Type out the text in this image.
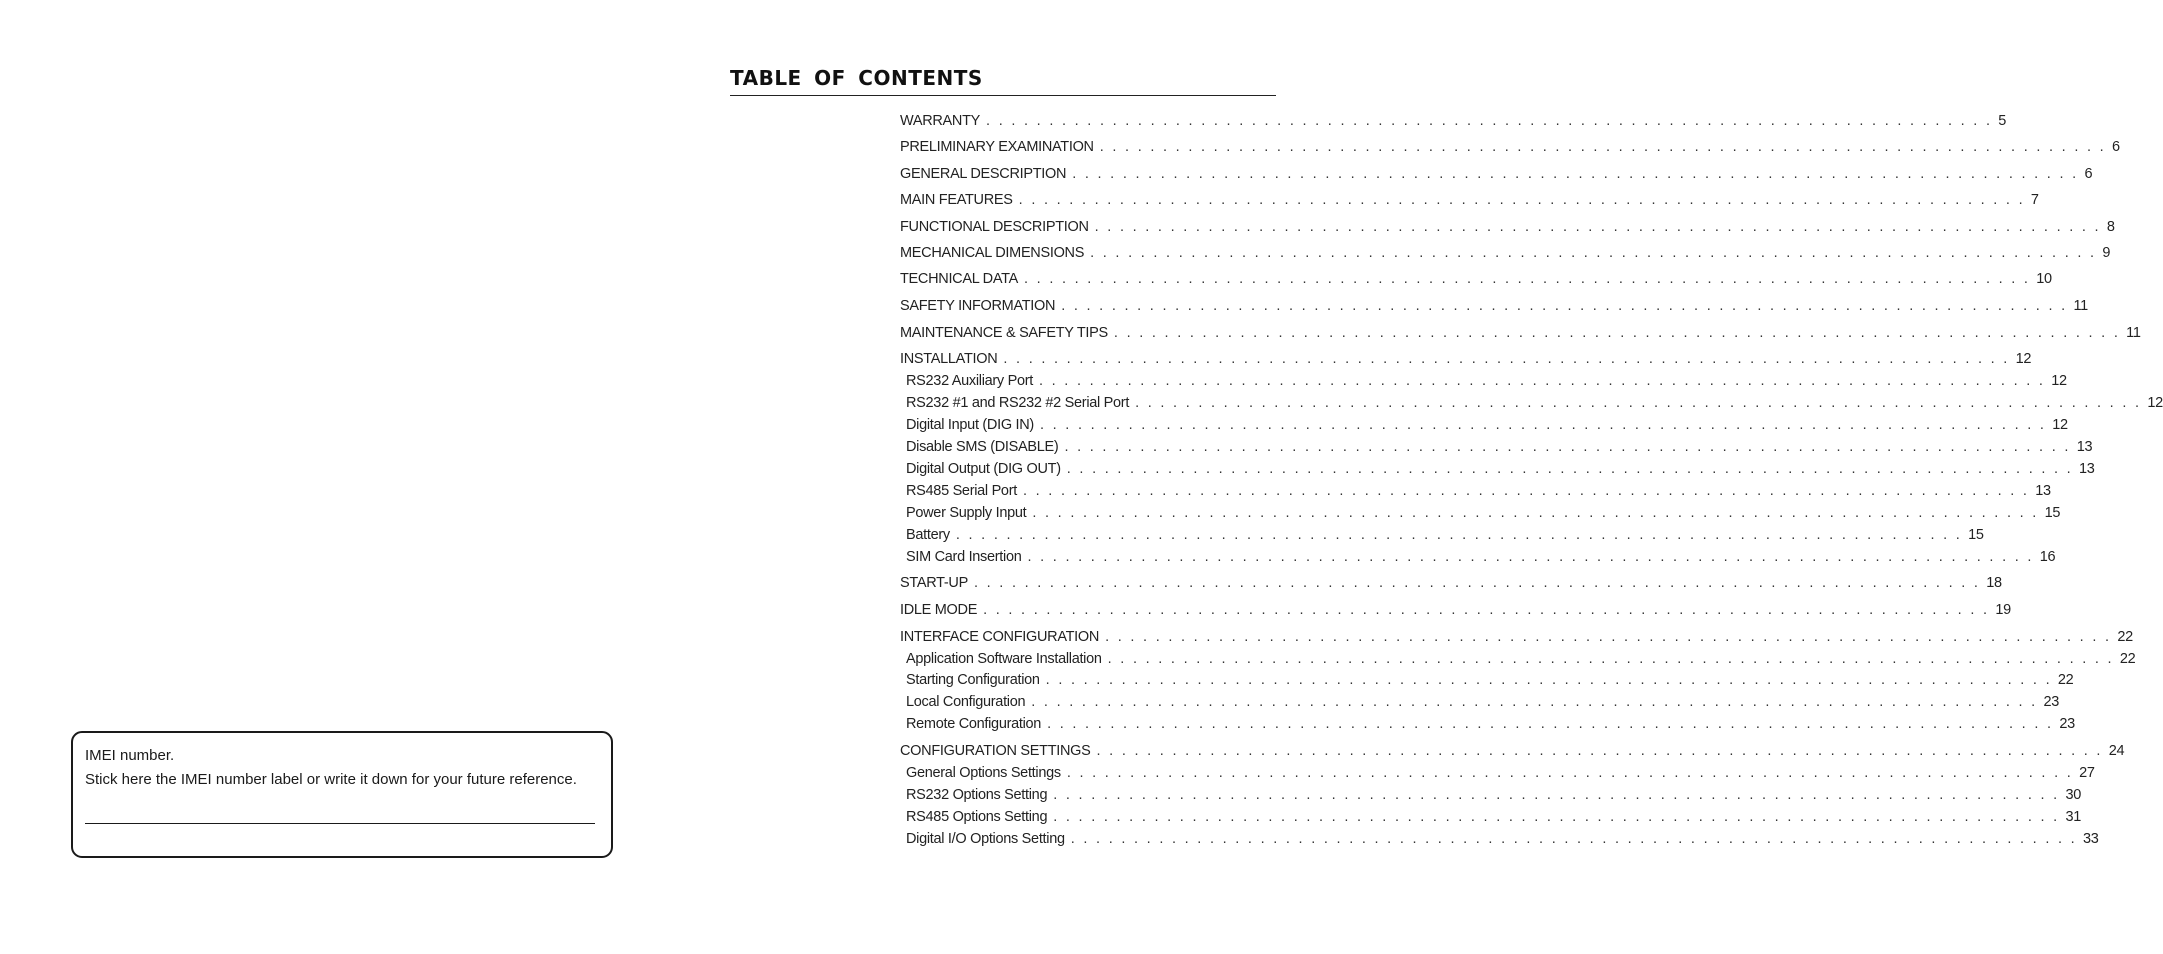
IMEI number.
Stick here the IMEI number label or write it down for your future reference.
TABLE OF CONTENTS
WARRANTY . . . . . . . . . . . . . . . . . . . . . . . . . . . . . . . . . . . . . . . . . . . . . . . . . . . . . . . . . . . . . . . . . . . . . . . . . . . . . . . . 5
PRELIMINARY EXAMINATION . . . . . . . . . . . . . . . . . . . . . . . . . . . . . . . . . . . . . . . . . . . . . . . . . . . . . . . . . . . . . . . . . . . . . . . . . . . . . . . . 6
GENERAL DESCRIPTION . . . . . . . . . . . . . . . . . . . . . . . . . . . . . . . . . . . . . . . . . . . . . . . . . . . . . . . . . . . . . . . . . . . . . . . . . . . . . . . . 6
MAIN FEATURES . . . . . . . . . . . . . . . . . . . . . . . . . . . . . . . . . . . . . . . . . . . . . . . . . . . . . . . . . . . . . . . . . . . . . . . . . . . . . . . . 7
FUNCTIONAL DESCRIPTION . . . . . . . . . . . . . . . . . . . . . . . . . . . . . . . . . . . . . . . . . . . . . . . . . . . . . . . . . . . . . . . . . . . . . . . . . . . . . . . . 8
MECHANICAL DIMENSIONS . . . . . . . . . . . . . . . . . . . . . . . . . . . . . . . . . . . . . . . . . . . . . . . . . . . . . . . . . . . . . . . . . . . . . . . . . . . . . . . . 9
TECHNICAL DATA . . . . . . . . . . . . . . . . . . . . . . . . . . . . . . . . . . . . . . . . . . . . . . . . . . . . . . . . . . . . . . . . . . . . . . . . . . . . . . . . 10
SAFETY INFORMATION . . . . . . . . . . . . . . . . . . . . . . . . . . . . . . . . . . . . . . . . . . . . . . . . . . . . . . . . . . . . . . . . . . . . . . . . . . . . . . . . 11
MAINTENANCE & SAFETY TIPS . . . . . . . . . . . . . . . . . . . . . . . . . . . . . . . . . . . . . . . . . . . . . . . . . . . . . . . . . . . . . . . . . . . . . . . . . . . . . . . . 11
INSTALLATION . . . . . . . . . . . . . . . . . . . . . . . . . . . . . . . . . . . . . . . . . . . . . . . . . . . . . . . . . . . . . . . . . . . . . . . . . . . . . . . . 12
RS232 Auxiliary Port . . . . . . . . . . . . . . . . . . . . . . . . . . . . . . . . . . . . . . . . . . . . . . . . . . . . . . . . . . . . . . . . . . . . . . . . . . . . . . . . 12
RS232 #1 and RS232 #2 Serial Port . . . . . . . . . . . . . . . . . . . . . . . . . . . . . . . . . . . . . . . . . . . . . . . . . . . . . . . . . . . . . . . . . . . . . . . . . . . . . . . . 12
Digital Input (DIG IN) . . . . . . . . . . . . . . . . . . . . . . . . . . . . . . . . . . . . . . . . . . . . . . . . . . . . . . . . . . . . . . . . . . . . . . . . . . . . . . . . 12
Disable SMS (DISABLE) . . . . . . . . . . . . . . . . . . . . . . . . . . . . . . . . . . . . . . . . . . . . . . . . . . . . . . . . . . . . . . . . . . . . . . . . . . . . . . . . 13
Digital Output (DIG OUT) . . . . . . . . . . . . . . . . . . . . . . . . . . . . . . . . . . . . . . . . . . . . . . . . . . . . . . . . . . . . . . . . . . . . . . . . . . . . . . . . 13
RS485 Serial Port . . . . . . . . . . . . . . . . . . . . . . . . . . . . . . . . . . . . . . . . . . . . . . . . . . . . . . . . . . . . . . . . . . . . . . . . . . . . . . . . 13
Power Supply Input . . . . . . . . . . . . . . . . . . . . . . . . . . . . . . . . . . . . . . . . . . . . . . . . . . . . . . . . . . . . . . . . . . . . . . . . . . . . . . . . 15
Battery . . . . . . . . . . . . . . . . . . . . . . . . . . . . . . . . . . . . . . . . . . . . . . . . . . . . . . . . . . . . . . . . . . . . . . . . . . . . . . . . 15
SIM Card Insertion . . . . . . . . . . . . . . . . . . . . . . . . . . . . . . . . . . . . . . . . . . . . . . . . . . . . . . . . . . . . . . . . . . . . . . . . . . . . . . . . 16
START-UP . . . . . . . . . . . . . . . . . . . . . . . . . . . . . . . . . . . . . . . . . . . . . . . . . . . . . . . . . . . . . . . . . . . . . . . . . . . . . . . . 18
IDLE MODE . . . . . . . . . . . . . . . . . . . . . . . . . . . . . . . . . . . . . . . . . . . . . . . . . . . . . . . . . . . . . . . . . . . . . . . . . . . . . . . . 19
INTERFACE CONFIGURATION . . . . . . . . . . . . . . . . . . . . . . . . . . . . . . . . . . . . . . . . . . . . . . . . . . . . . . . . . . . . . . . . . . . . . . . . . . . . . . . . 22
Application Software Installation . . . . . . . . . . . . . . . . . . . . . . . . . . . . . . . . . . . . . . . . . . . . . . . . . . . . . . . . . . . . . . . . . . . . . . . . . . . . . . . . 22
Starting Configuration . . . . . . . . . . . . . . . . . . . . . . . . . . . . . . . . . . . . . . . . . . . . . . . . . . . . . . . . . . . . . . . . . . . . . . . . . . . . . . . . 22
Local Configuration . . . . . . . . . . . . . . . . . . . . . . . . . . . . . . . . . . . . . . . . . . . . . . . . . . . . . . . . . . . . . . . . . . . . . . . . . . . . . . . . 23
Remote Configuration . . . . . . . . . . . . . . . . . . . . . . . . . . . . . . . . . . . . . . . . . . . . . . . . . . . . . . . . . . . . . . . . . . . . . . . . . . . . . . . . 23
CONFIGURATION SETTINGS . . . . . . . . . . . . . . . . . . . . . . . . . . . . . . . . . . . . . . . . . . . . . . . . . . . . . . . . . . . . . . . . . . . . . . . . . . . . . . . . 24
General Options Settings . . . . . . . . . . . . . . . . . . . . . . . . . . . . . . . . . . . . . . . . . . . . . . . . . . . . . . . . . . . . . . . . . . . . . . . . . . . . . . . . 27
RS232 Options Setting . . . . . . . . . . . . . . . . . . . . . . . . . . . . . . . . . . . . . . . . . . . . . . . . . . . . . . . . . . . . . . . . . . . . . . . . . . . . . . . . 30
RS485 Options Setting . . . . . . . . . . . . . . . . . . . . . . . . . . . . . . . . . . . . . . . . . . . . . . . . . . . . . . . . . . . . . . . . . . . . . . . . . . . . . . . . 31
Digital I/O Options Setting . . . . . . . . . . . . . . . . . . . . . . . . . . . . . . . . . . . . . . . . . . . . . . . . . . . . . . . . . . . . . . . . . . . . . . . . . . . . . . . . 33
